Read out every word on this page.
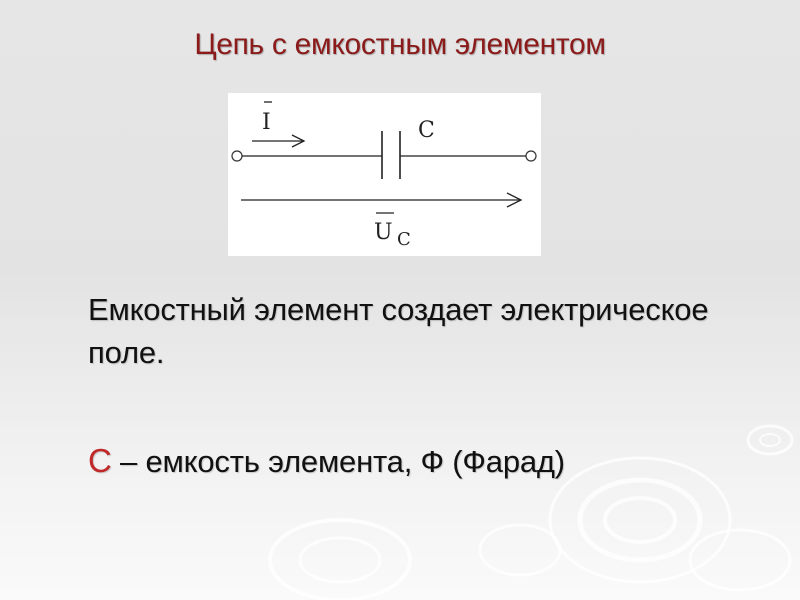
Цепь с емкостным элементом
I	C
U C
Емкостный элемент создает электрическое поле.
С – емкость элемента, Ф (Фарад)
